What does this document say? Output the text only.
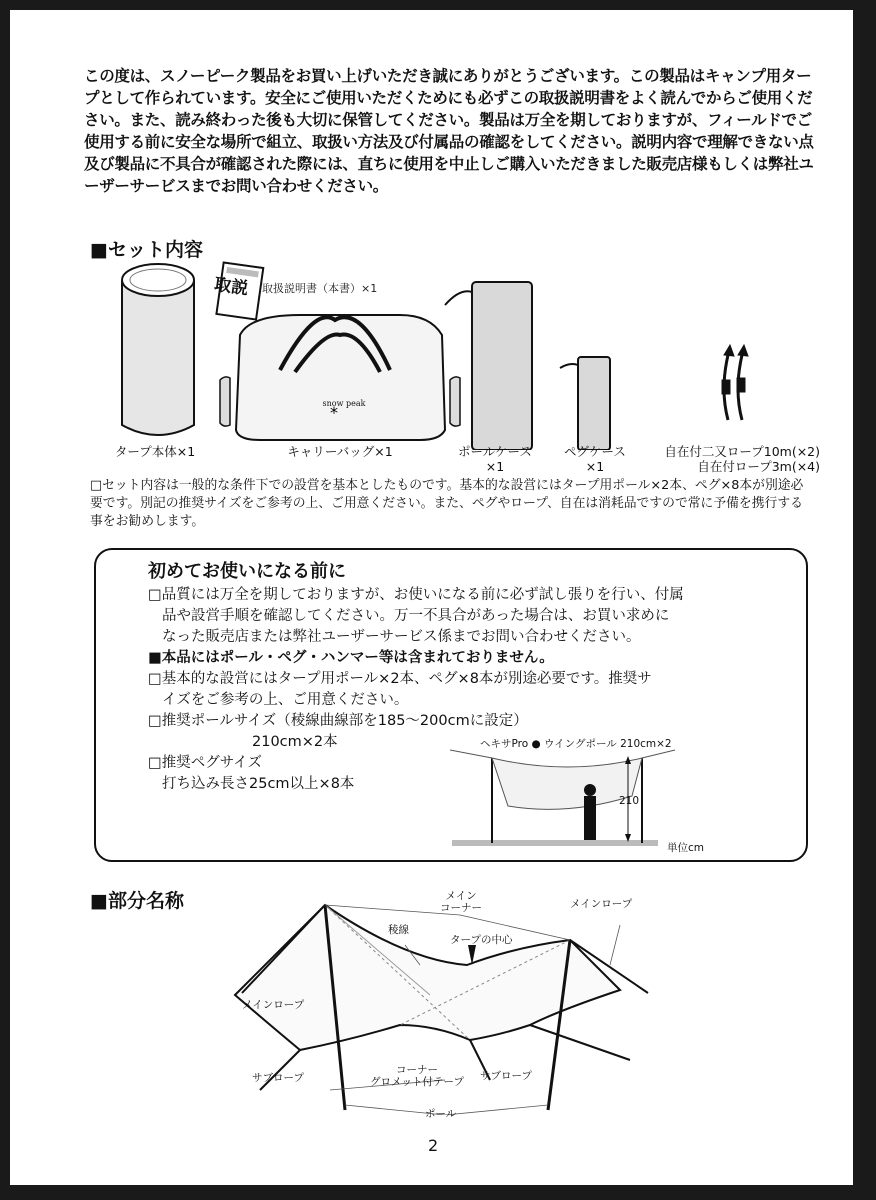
この度は、スノーピーク製品をお買い上げいただき誠にありがとうございます。この製品はキャンプ用タープとして作られています。安全にご使用いただくためにも必ずこの取扱説明書をよく読んでからご使用ください。また、読み終わった後も大切に保管してください。製品は万全を期しておりますが、フィールドでご使用する前に安全な場所で組立、取扱い方法及び付属品の確認をしてください。説明内容で理解できない点及び製品に不具合が確認された際には、直ちに使用を中止しご購入いただきました販売店様もしくは弊社ユーザーサービスまでお問い合わせください。

■セット内容
*
取説
snow peak
取扱説明書（本書）×1
タープ本体×1	キャリーバッグ×1	ポールケース
×1
ペグケース
×1
自在付二又ロープ10m(×2)
自在付ロープ3m(×4)
□セット内容は一般的な条件下での設営を基本としたものです。基本的な設営にはタープ用ポール×2本、ペグ×8本が別途必要です。別記の推奨サイズをご参考の上、ご用意ください。また、ペグやロープ、自在は消耗品ですので常に予備を携行する事をお勧めします。
初めてお使いになる前に
□品質には万全を期しておりますが、お使いになる前に必ず試し張りを行い、付属
品や設営手順を確認してください。万一不具合があった場合は、お買い求めに
なった販売店または弊社ユーザーサービス係までお問い合わせください。
■本品にはポール・ペグ・ハンマー等は含まれておりません。
□基本的な設営にはタープ用ポール×2本、ペグ×8本が別途必要です。推奨サ
イズをご参考の上、ご用意ください。
□推奨ポールサイズ（稜線曲線部を185〜200cmに設定）
210cm×2本
□推奨ペグサイズ
打ち込み長さ25cm以上×8本
ヘキサPro ● ウイングポール 210cm×2
210
単位cm
■部分名称	メイン
コーナー	メインロープ
稜線
タープの中心
メインロープ
サブロープ
コーナー
グロメット付テープ サブロープ
ポール
2
